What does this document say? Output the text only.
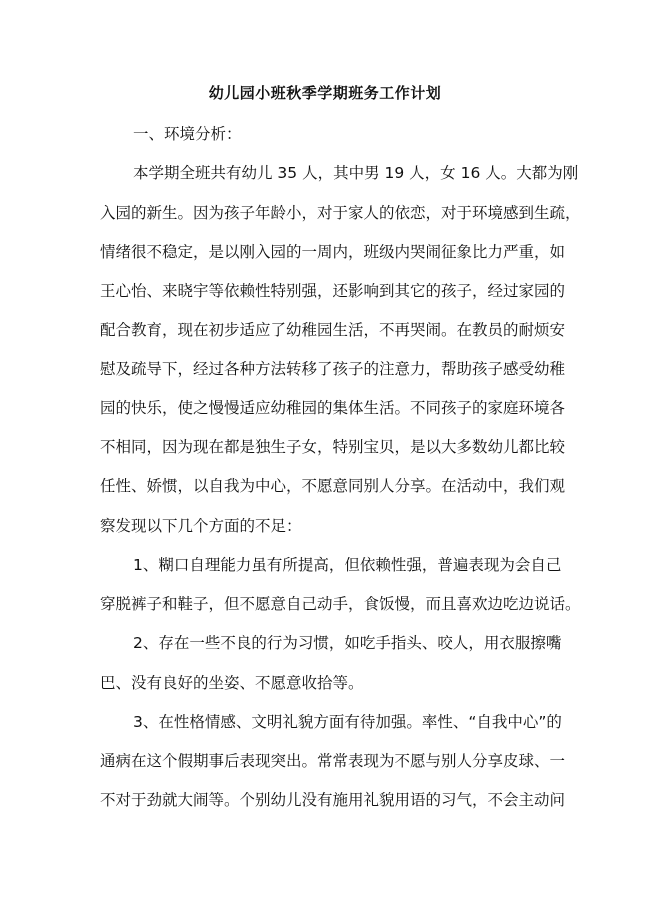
幼儿园小班秋季学期班务工作计划
一、环境分析：
本学期全班共有幼儿 35 人，其中男 19 人，女 16 人。大都为刚
入园的新生。因为孩子年龄小，对于家人的依恋，对于环境感到生疏，
情绪很不稳定，是以刚入园的一周内，班级内哭闹征象比力严重，如
王心怡、来晓宇等依赖性特别强，还影响到其它的孩子，经过家园的
配合教育，现在初步适应了幼稚园生活，不再哭闹。在教员的耐烦安
慰及疏导下，经过各种方法转移了孩子的注意力，帮助孩子感受幼稚
园的快乐，使之慢慢适应幼稚园的集体生活。不同孩子的家庭环境各
不相同，因为现在都是独生子女，特别宝贝，是以大多数幼儿都比较
任性、娇惯，以自我为中心，不愿意同别人分享。在活动中，我们观
察发现以下几个方面的不足：
1、糊口自理能力虽有所提高，但依赖性强，普遍表现为会自己
穿脱裤子和鞋子，但不愿意自己动手，食饭慢，而且喜欢边吃边说话。
2、存在一些不良的行为习惯，如吃手指头、咬人，用衣服擦嘴
巴、没有良好的坐姿、不愿意收拾等。
3、在性格情感、文明礼貌方面有待加强。率性、“自我中心”的
通病在这个假期事后表现突出。常常表现为不愿与别人分享皮球、一
不对于劲就大闹等。个别幼儿没有施用礼貌用语的习气，不会主动问
